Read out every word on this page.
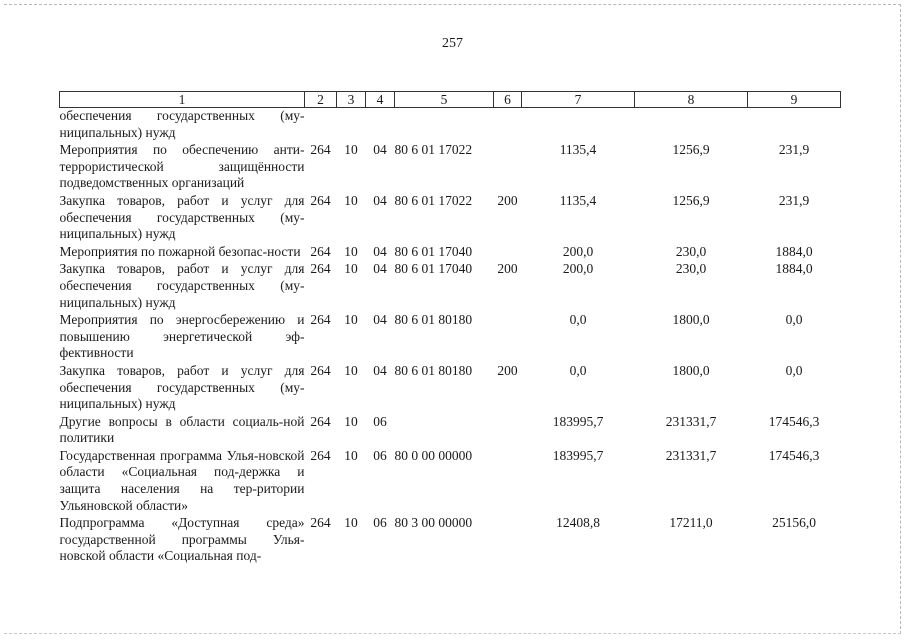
257
1	2	3	4	5	6	7	8	9
обеспечения государственных (му-ниципальных) нужд								
Мероприятия по обеспечению анти-террористической защищённости подведомственных организаций	264	10	04	80 6 01 17022		1135,4	1256,9	231,9
Закупка товаров, работ и услуг для обеспечения государственных (му-ниципальных) нужд	264	10	04	80 6 01 17022	200	1135,4	1256,9	231,9
Мероприятия по пожарной безопас-ности	264	10	04	80 6 01 17040		200,0	230,0	1884,0
Закупка товаров, работ и услуг для обеспечения государственных (му-ниципальных) нужд	264	10	04	80 6 01 17040	200	200,0	230,0	1884,0
Мероприятия по энергосбережению и повышению энергетической эф-фективности	264	10	04	80 6 01 80180		0,0	1800,0	0,0
Закупка товаров, работ и услуг для обеспечения государственных (му-ниципальных) нужд	264	10	04	80 6 01 80180	200	0,0	1800,0	0,0
Другие вопросы в области социаль-ной политики	264	10	06			183995,7	231331,7	174546,3
Государственная программа Улья-новской области «Социальная под-держка и защита населения на тер-ритории Ульяновской области»	264	10	06	80 0 00 00000		183995,7	231331,7	174546,3
Подпрограмма «Доступная среда» государственной программы Улья-новской области «Социальная под-	264	10	06	80 3 00 00000		12408,8	17211,0	25156,0
